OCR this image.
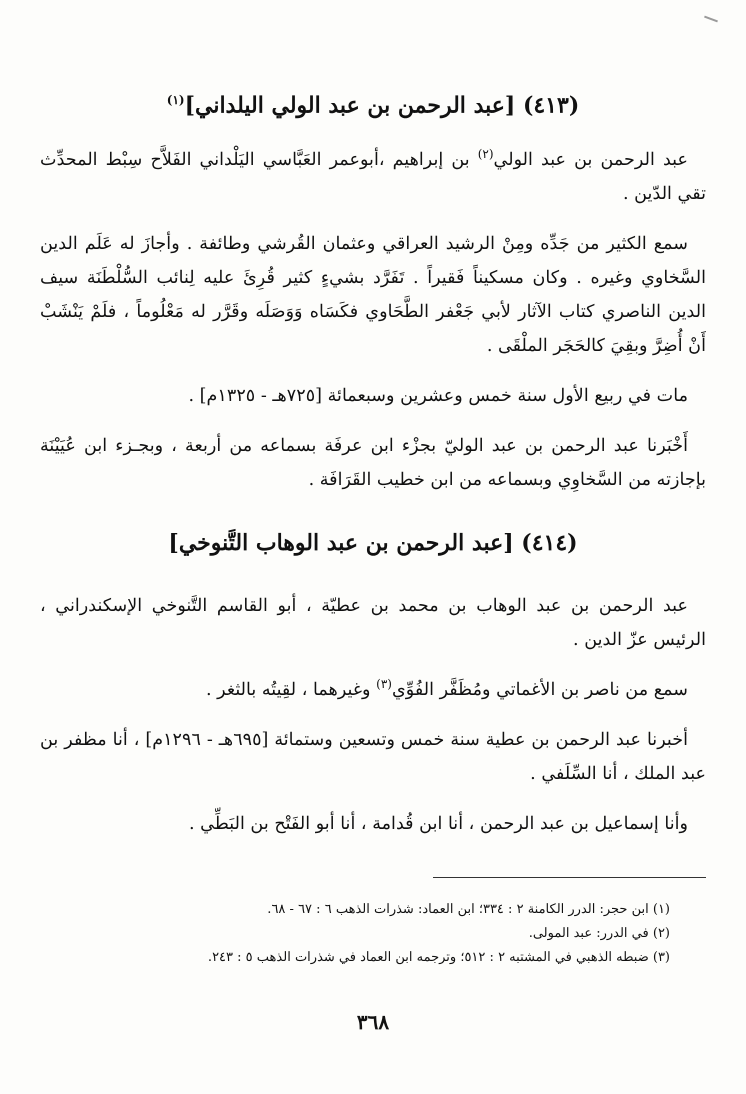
(٤١٣) [عبد الرحمن بن عبد الولي اليلداني]$^{(١)}$

عبد الرحمن بن عبد الولي$^{(٢)}$ بن إبراهيم ،أبوعمر العَبَّاسي اليَلْداني الفَلاَّح سِبْط المحدِّث تقي الدّين .

سمع الكثير من جَدِّه ومِنْ الرشيد العراقي وعثمان القُرشي وطائفة . وأجازَ له عَلَم الدين السَّخاوي وغيره . وكان مسكيناً فَقيراً . تَفَرَّد بشيءٍ كثير قُرِئَ عليه لِنائب السُّلْطَنَة سيف الدين الناصري كتاب الآثار لأبي جَعْفر الطَّحَاوي فكَسَاه وَوَصَلَه وقَرَّر له مَعْلُوماً ، فلَمْ يَنْشَبْ أَنْ أُضِرَّ وبقِيَ كالحَجَر الملْقَى .

مات في ربيع الأول سنة خمس وعشرين وسبعمائة [٧٢٥هـ - ١٣٢٥م] .

أَخْبَرنا عبد الرحمن بن عبد الوليّ بجزْء ابن عرفَة بسماعه من أربعة ، وبجـزء ابن عُيَيْنَة بإجازته من السَّخاوِي وبسماعه من ابن خطيب القَرَافَة .

(٤١٤) [عبد الرحمن بن عبد الوهاب التَّنوخي]

عبد الرحمن بن عبد الوهاب بن محمد بن عطيّة ، أبو القاسم التَّنوخي الإسكندراني ، الرئيس عزّ الدين .

سمع من ناصر بن الأغماتي ومُظَفَّر الفُوِّي$^{(٣)}$ وغيرهما ، لقِيتُه بالثغر .

أخبرنا عبد الرحمن بن عطية سنة خمس وتسعين وستمائة [٦٩٥هـ - ١٢٩٦م] ، أنا مظفر بن عبد الملك ، أنا السِّلَفي .

وأنا إسماعيل بن عبد الرحمن ، أنا ابن قُدامة ، أنا أبو الفَتْح بن البَطِّي .

(١) ابن حجر: الدرر الكامنة ٢ : ٣٣٤؛ ابن العماد: شذرات الذهب ٦ : ٦٧ - ٦٨.
(٢) في الدرر: عبد المولى.
(٣) ضبطه الذهبي في المشتبه ٢ : ٥١٢؛ وترجمه ابن العماد في شذرات الذهب ٥ : ٢٤٣.
٣٦٨
